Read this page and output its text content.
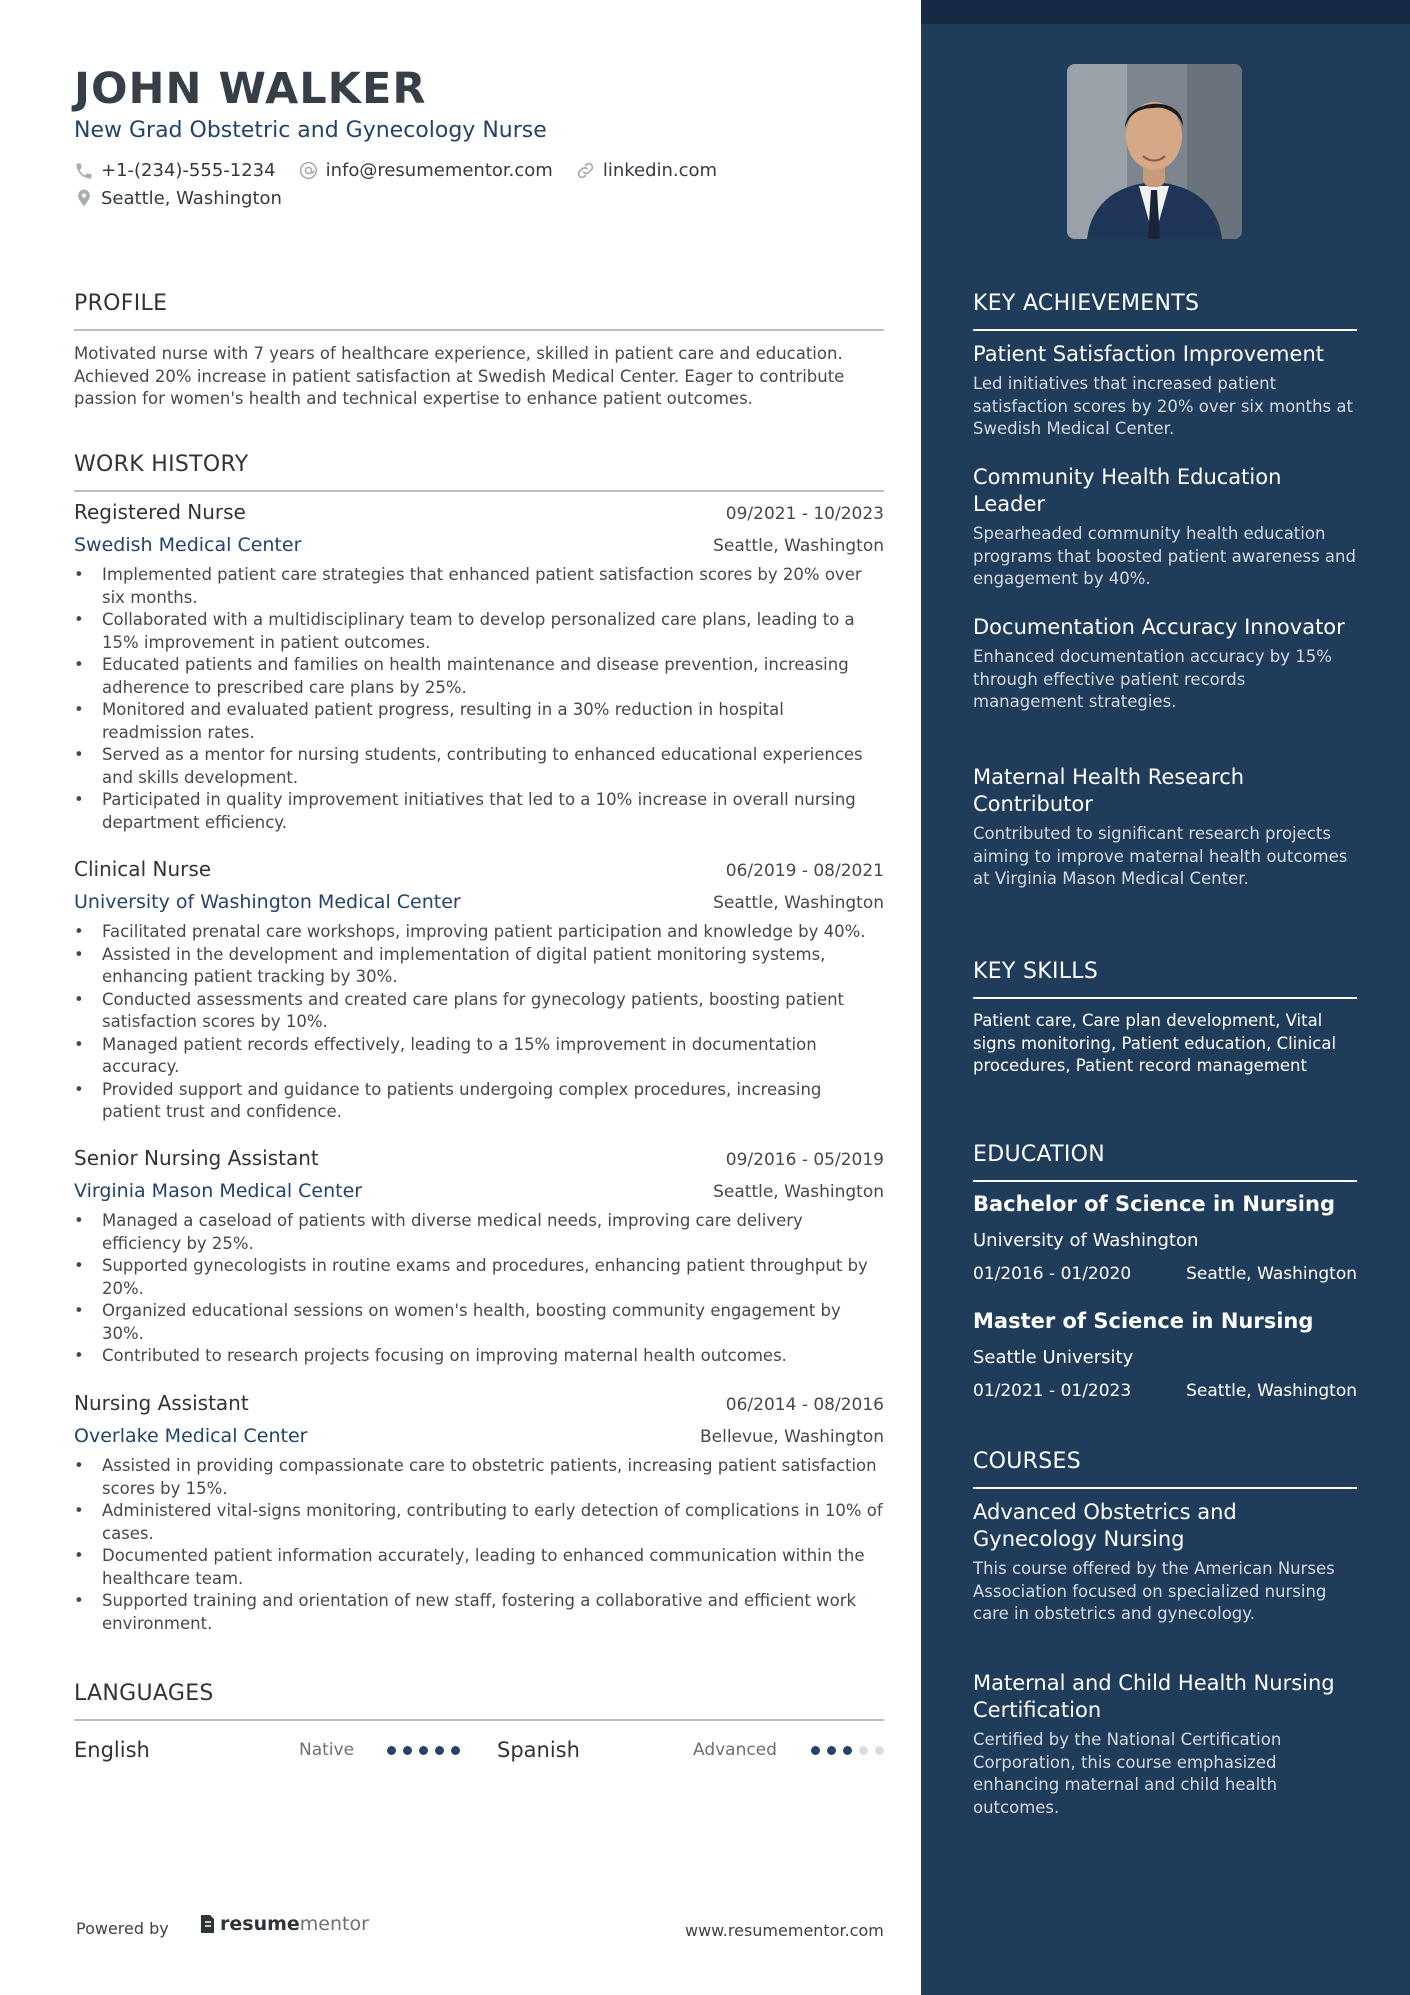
JOHN WALKER
New Grad Obstetric and Gynecology Nurse
+1-(234)-555-1234	info@resumementor.com	linkedin.com
Seattle, Washington
PROFILE
Motivated nurse with 7 years of healthcare experience, skilled in patient care and education. Achieved 20% increase in patient satisfaction at Swedish Medical Center. Eager to contribute passion for women's health and technical expertise to enhance patient outcomes.
WORK HISTORY
Registered Nurse	09/2021 - 10/2023
Swedish Medical Center	Seattle, Washington
• Implemented patient care strategies that enhanced patient satisfaction scores by 20% over six months.
• Collaborated with a multidisciplinary team to develop personalized care plans, leading to a 15% improvement in patient outcomes.
• Educated patients and families on health maintenance and disease prevention, increasing adherence to prescribed care plans by 25%.
• Monitored and evaluated patient progress, resulting in a 30% reduction in hospital readmission rates.
• Served as a mentor for nursing students, contributing to enhanced educational experiences and skills development.
• Participated in quality improvement initiatives that led to a 10% increase in overall nursing department efficiency.
Clinical Nurse	06/2019 - 08/2021
University of Washington Medical Center	Seattle, Washington
• Facilitated prenatal care workshops, improving patient participation and knowledge by 40%.
• Assisted in the development and implementation of digital patient monitoring systems, enhancing patient tracking by 30%.
• Conducted assessments and created care plans for gynecology patients, boosting patient satisfaction scores by 10%.
• Managed patient records effectively, leading to a 15% improvement in documentation accuracy.
• Provided support and guidance to patients undergoing complex procedures, increasing patient trust and confidence.
Senior Nursing Assistant	09/2016 - 05/2019
Virginia Mason Medical Center	Seattle, Washington
• Managed a caseload of patients with diverse medical needs, improving care delivery efficiency by 25%.
• Supported gynecologists in routine exams and procedures, enhancing patient throughput by 20%.
• Organized educational sessions on women's health, boosting community engagement by 30%.
• Contributed to research projects focusing on improving maternal health outcomes.
Nursing Assistant	06/2014 - 08/2016
Overlake Medical Center	Bellevue, Washington
• Assisted in providing compassionate care to obstetric patients, increasing patient satisfaction scores by 15%.
• Administered vital-signs monitoring, contributing to early detection of complications in 10% of cases.
• Documented patient information accurately, leading to enhanced communication within the healthcare team.
• Supported training and orientation of new staff, fostering a collaborative and efficient work environment.
LANGUAGES
English	Native	Spanish	Advanced
Powered by	resume mentor	www.resumementor.com
KEY ACHIEVEMENTS
Patient Satisfaction Improvement
Led initiatives that increased patient satisfaction scores by 20% over six months at Swedish Medical Center.
Community Health Education Leader
Spearheaded community health education programs that boosted patient awareness and engagement by 40%.
Documentation Accuracy Innovator
Enhanced documentation accuracy by 15% through effective patient records management strategies.
Maternal Health Research Contributor
Contributed to significant research projects aiming to improve maternal health outcomes at Virginia Mason Medical Center.
KEY SKILLS
Patient care, Care plan development, Vital signs monitoring, Patient education, Clinical procedures, Patient record management
EDUCATION
Bachelor of Science in Nursing
University of Washington
01/2016 - 01/2020	Seattle, Washington
Master of Science in Nursing
Seattle University
01/2021 - 01/2023	Seattle, Washington
COURSES
Advanced Obstetrics and Gynecology Nursing
This course offered by the American Nurses Association focused on specialized nursing care in obstetrics and gynecology.
Maternal and Child Health Nursing Certification
Certified by the National Certification Corporation, this course emphasized enhancing maternal and child health outcomes.
